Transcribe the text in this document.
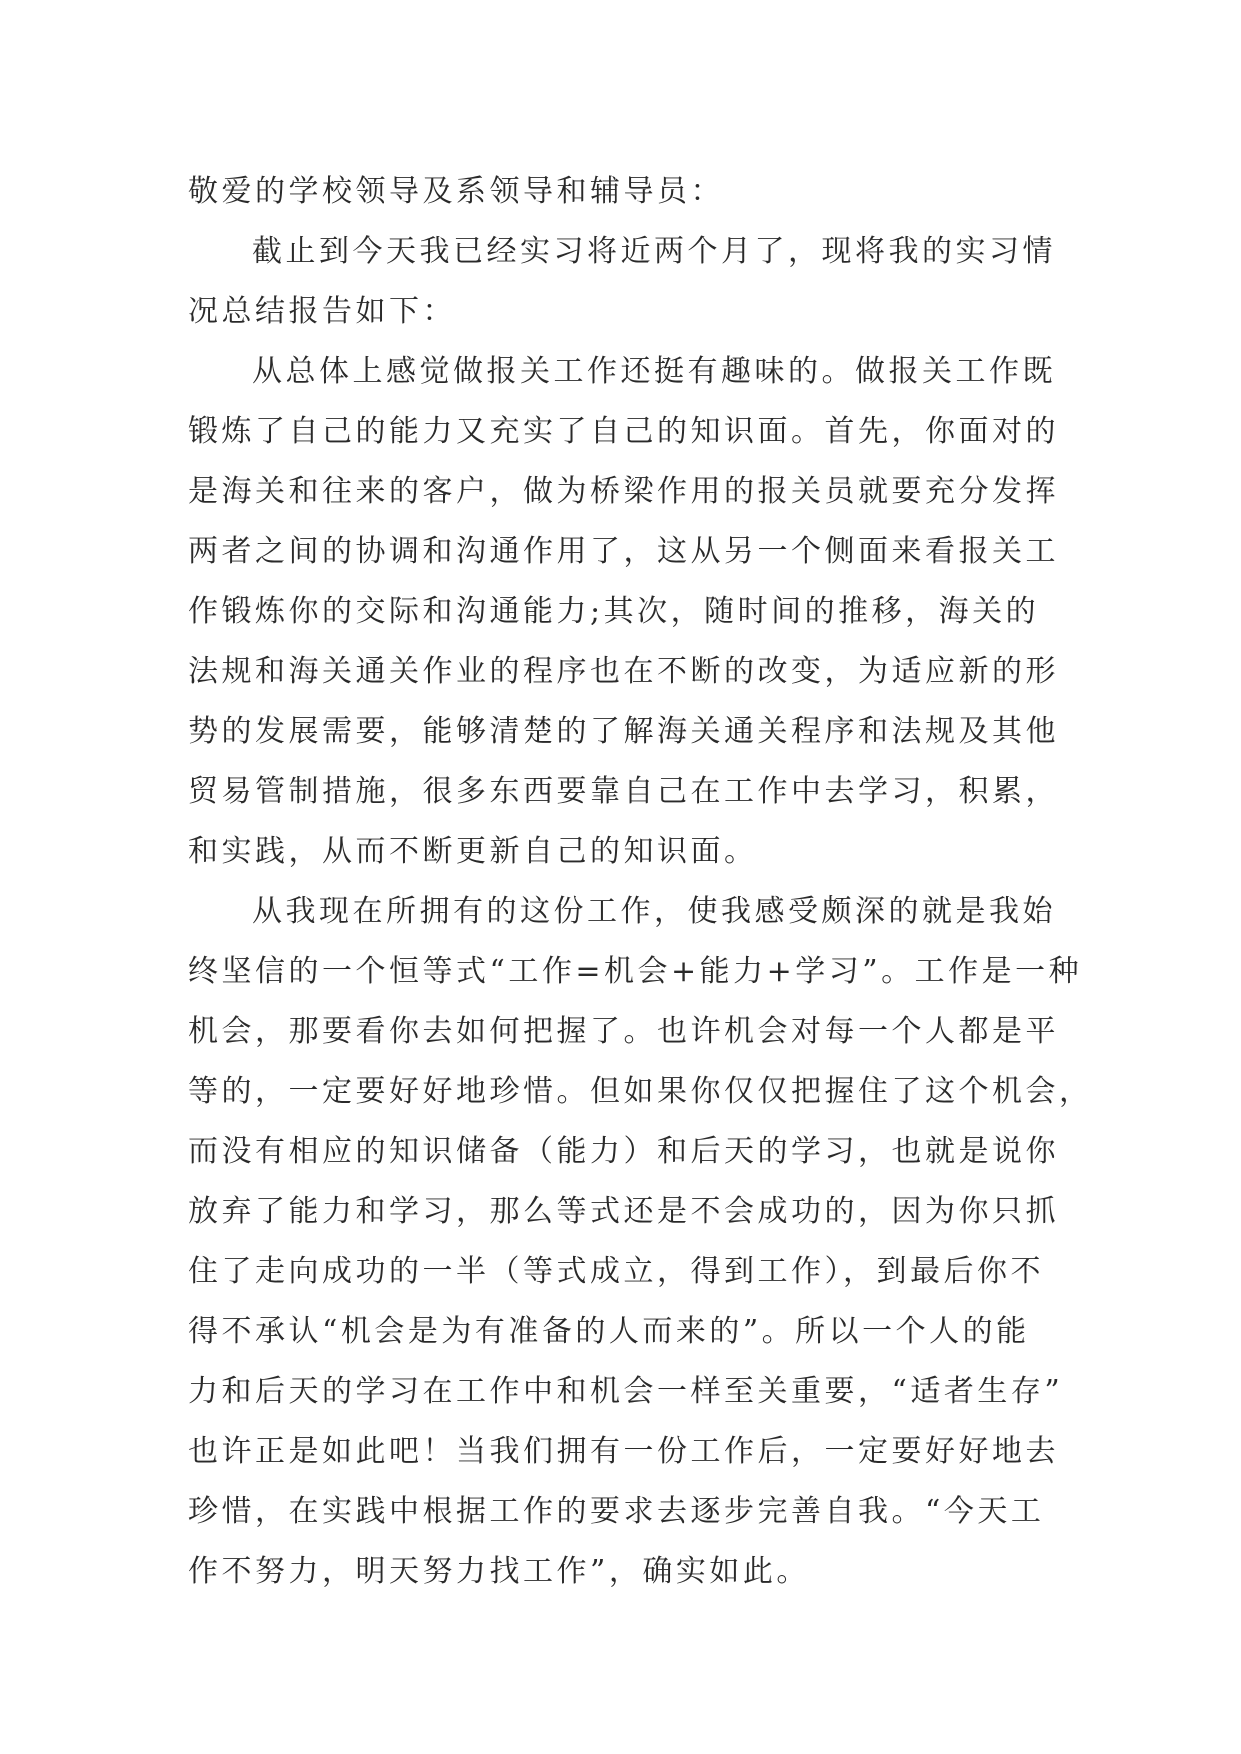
敬爱的学校领导及系领导和辅导员：
截止到今天我已经实习将近两个月了，现将我的实习情
况总结报告如下：
从总体上感觉做报关工作还挺有趣味的。做报关工作既
锻炼了自己的能力又充实了自己的知识面。首先，你面对的
是海关和往来的客户，做为桥梁作用的报关员就要充分发挥
两者之间的协调和沟通作用了，这从另一个侧面来看报关工
作锻炼你的交际和沟通能力;其次，随时间的推移，海关的
法规和海关通关作业的程序也在不断的改变，为适应新的形
势的发展需要，能够清楚的了解海关通关程序和法规及其他
贸易管制措施，很多东西要靠自己在工作中去学习，积累，
和实践，从而不断更新自己的知识面。
从我现在所拥有的这份工作，使我感受颇深的就是我始
终坚信的一个恒等式“工作=机会+能力+学习”。工作是一种
机会，那要看你去如何把握了。也许机会对每一个人都是平
等的，一定要好好地珍惜。但如果你仅仅把握住了这个机会，
而没有相应的知识储备（能力）和后天的学习，也就是说你
放弃了能力和学习，那么等式还是不会成功的，因为你只抓
住了走向成功的一半（等式成立，得到工作），到最后你不
得不承认“机会是为有准备的人而来的”。所以一个人的能
力和后天的学习在工作中和机会一样至关重要，“适者生存”
也许正是如此吧！当我们拥有一份工作后，一定要好好地去
珍惜，在实践中根据工作的要求去逐步完善自我。“今天工
作不努力，明天努力找工作”，确实如此。
